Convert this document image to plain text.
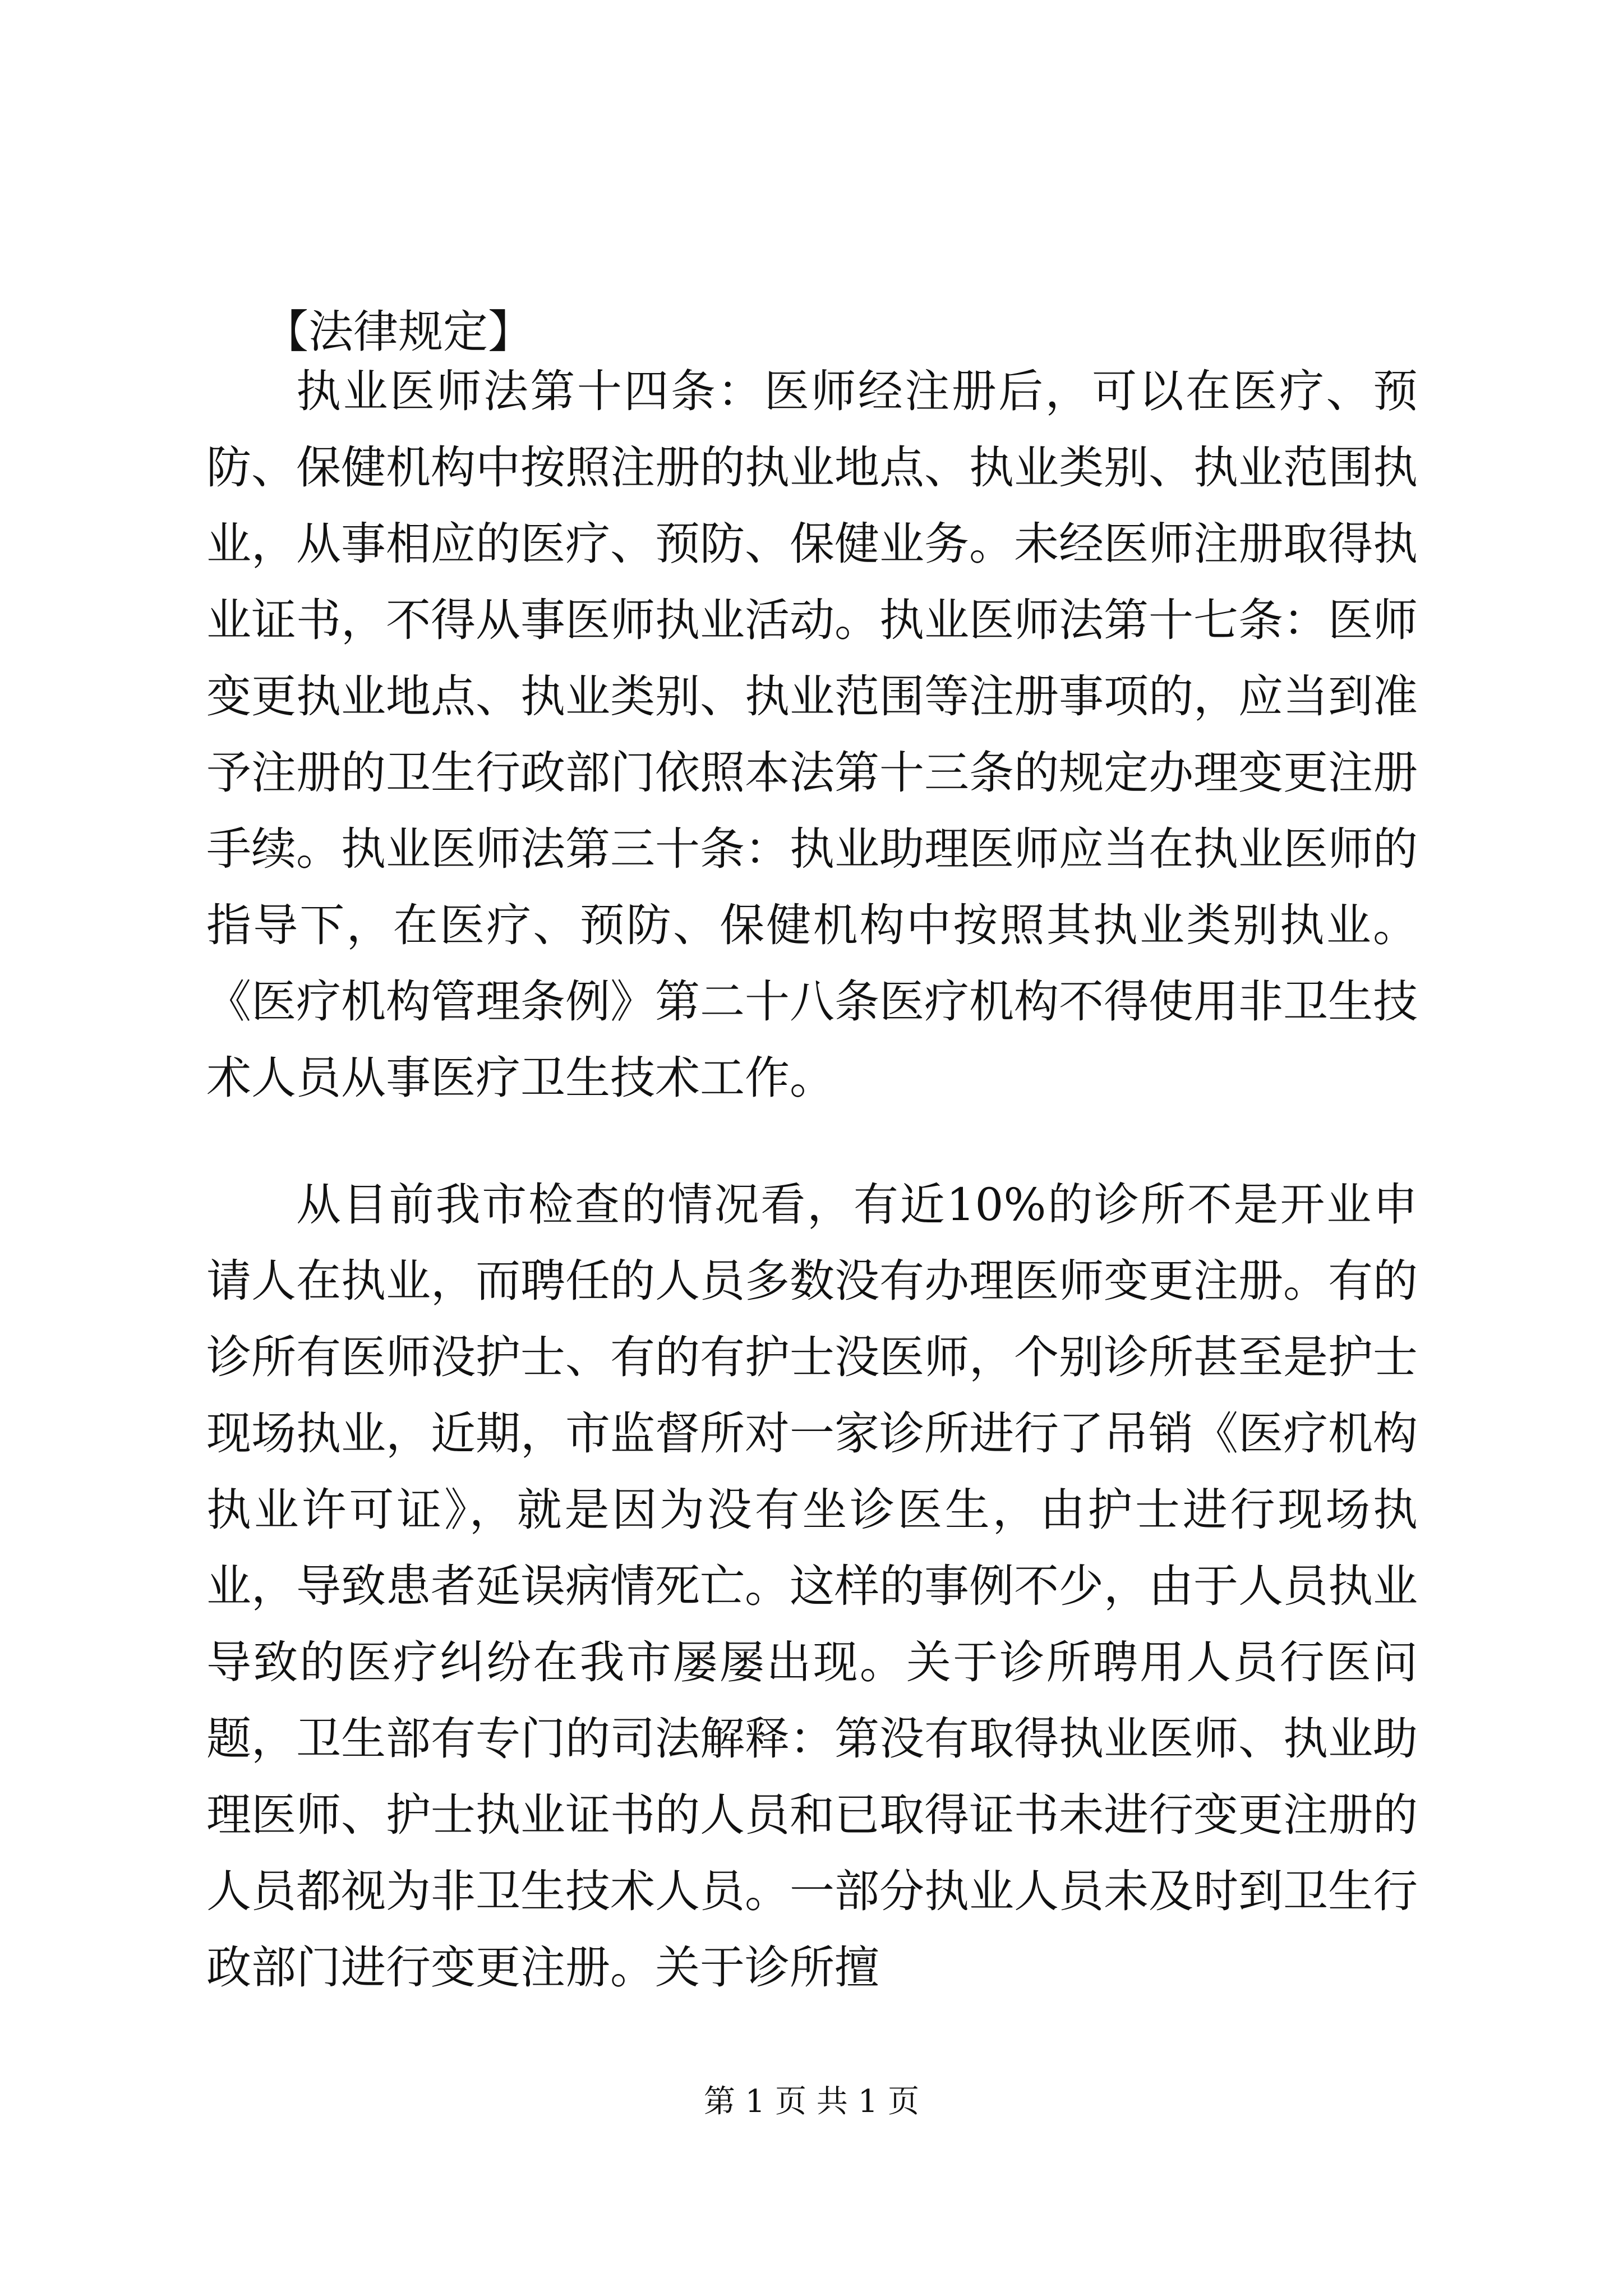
【法律规定】

执业医师法第十四条：医师经注册后，可以在医疗、预防、保健机构中按照注册的执业地点、执业类别、执业范围执业，从事相应的医疗、预防、保健业务。未经医师注册取得执业证书，不得从事医师执业活动。执业医师法第十七条：医师变更执业地点、执业类别、执业范围等注册事项的，应当到准予注册的卫生行政部门依照本法第十三条的规定办理变更注册手续。执业医师法第三十条：执业助理医师应当在执业医师的指导下，在医疗、预防、保健机构中按照其执业类别执业。《医疗机构管理条例》第二十八条医疗机构不得使用非卫生技术人员从事医疗卫生技术工作。

从目前我市检查的情况看，有近10%的诊所不是开业申请人在执业，而聘任的人员多数没有办理医师变更注册。有的诊所有医师没护士、有的有护士没医师，个别诊所甚至是护士现场执业，近期，市监督所对一家诊所进行了吊销《医疗机构执业许可证》，就是因为没有坐诊医生，由护士进行现场执业，导致患者延误病情死亡。这样的事例不少，由于人员执业导致的医疗纠纷在我市屡屡出现。关于诊所聘用人员行医问题，卫生部有专门的司法解释：第没有取得执业医师、执业助理医师、护士执业证书的人员和已取得证书未进行变更注册的人员都视为非卫生技术人员。一部分执业人员未及时到卫生行政部门进行变更注册。关于诊所擅

第 1 页 共 1 页
